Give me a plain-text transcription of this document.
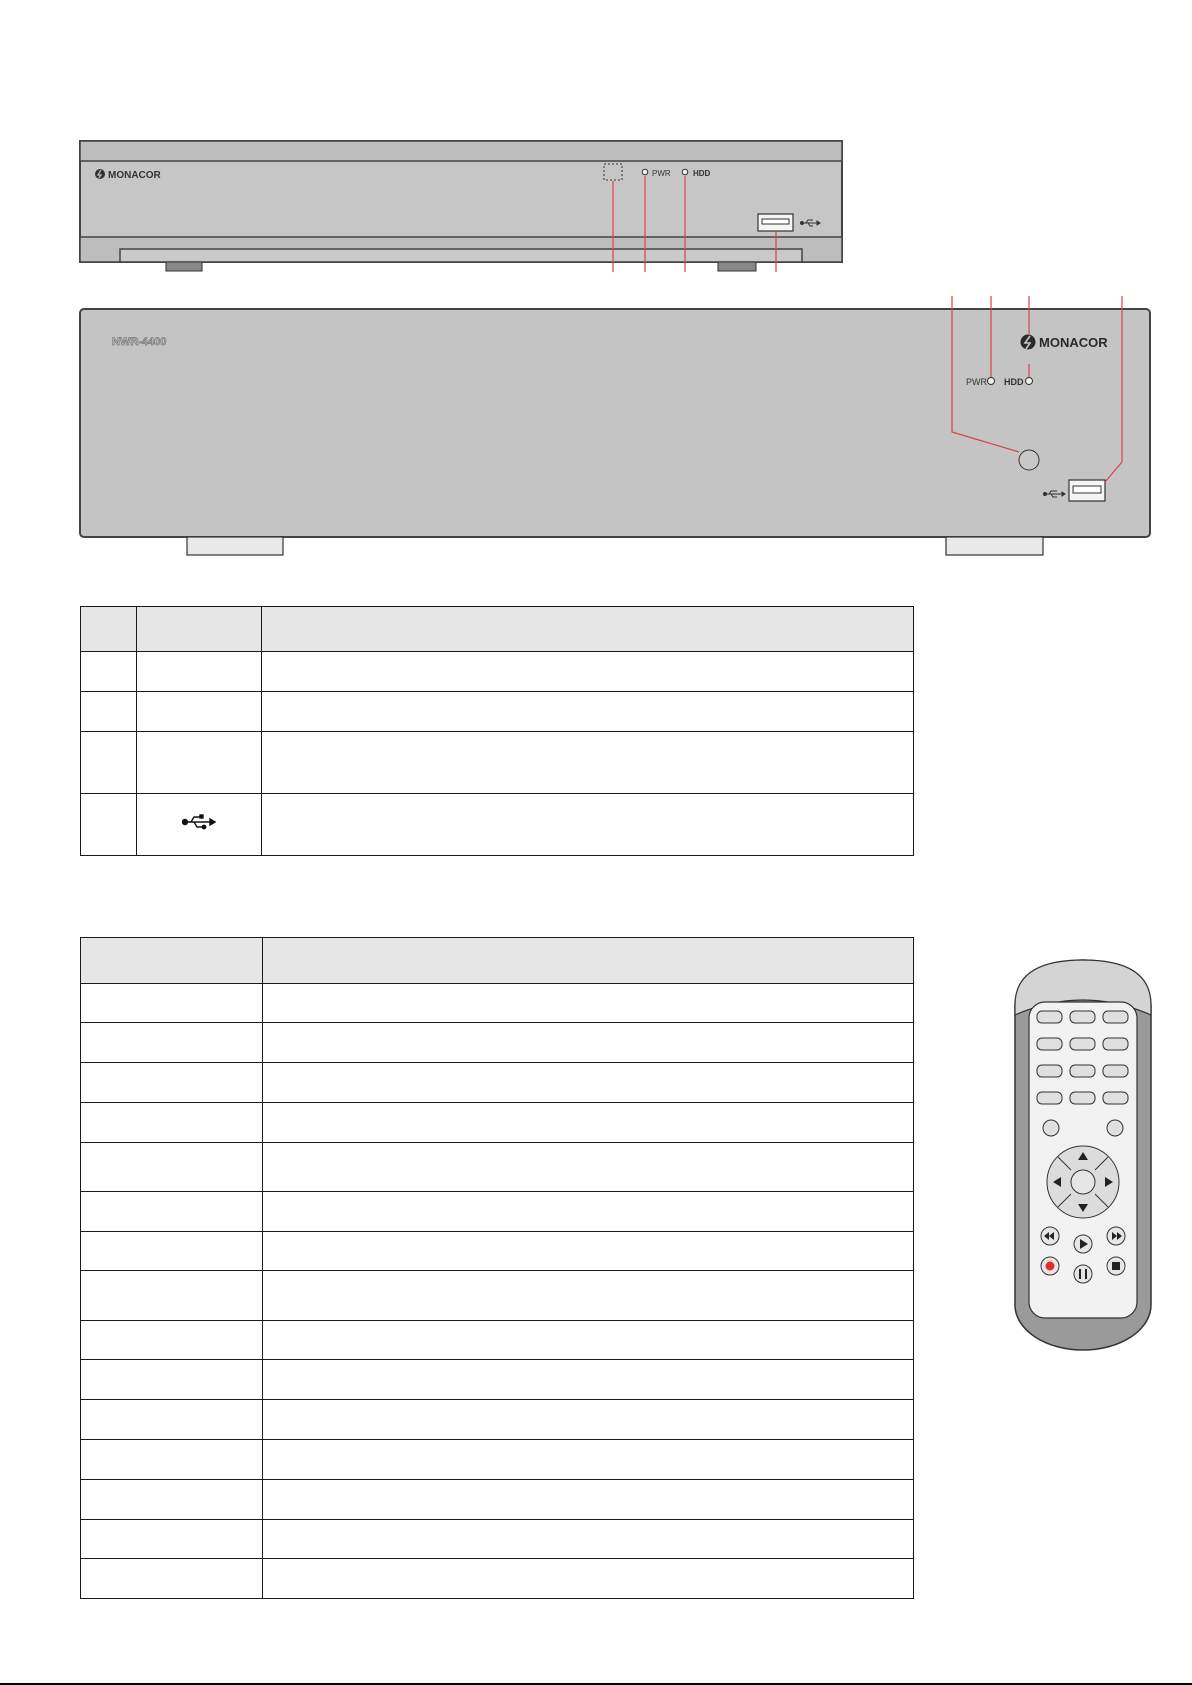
MONACOR	PWR	HDD
NWR-4400	MONACOR
PWR HDD
